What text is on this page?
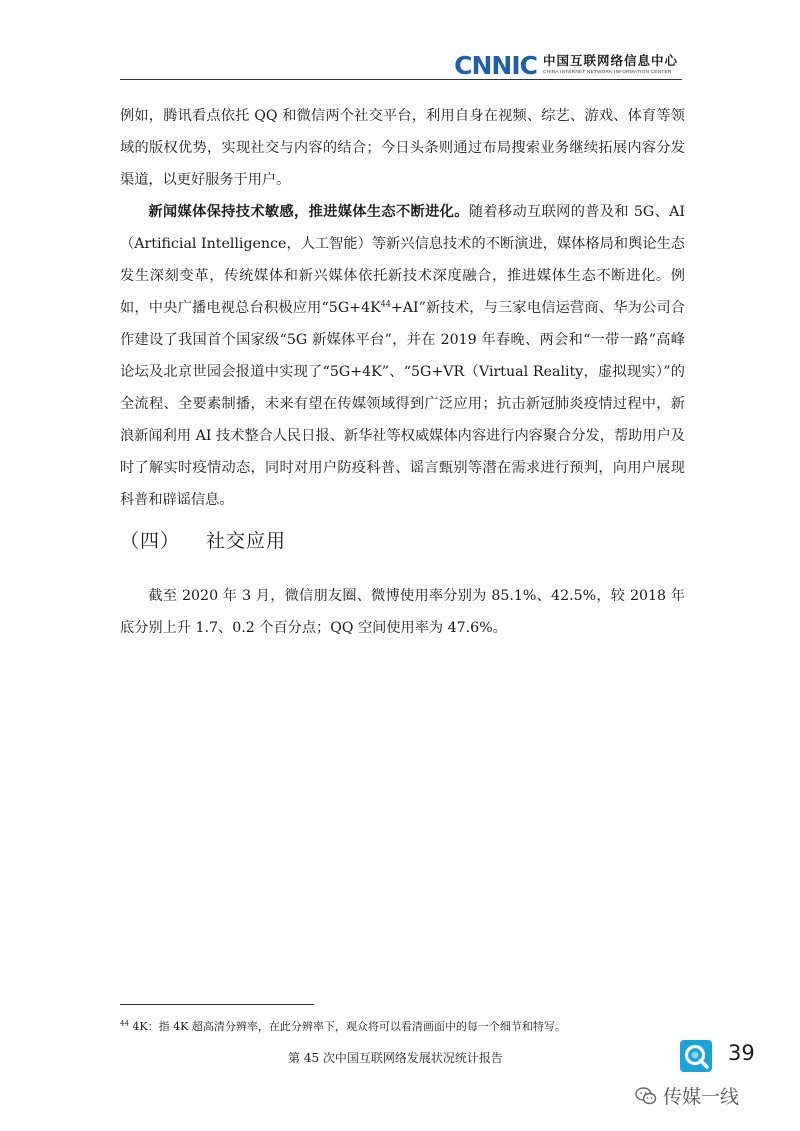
CNNIC 中国互联网络信息中心
CHINA INTERNET NETWORK INFORMATION CENTER

例如，腾讯看点依托 QQ 和微信两个社交平台，利用自身在视频、综艺、游戏、体育等领域的版权优势，实现社交与内容的结合；今日头条则通过布局搜索业务继续拓展内容分发渠道，以更好服务于用户。

新闻媒体保持技术敏感，推进媒体生态不断进化。随着移动互联网的普及和 5G、AI（Artificial Intelligence，人工智能）等新兴信息技术的不断演进，媒体格局和舆论生态发生深刻变革，传统媒体和新兴媒体依托新技术深度融合，推进媒体生态不断进化。例如，中央广播电视总台积极应用“$5G+4K^{44}+AI$”新技术，与三家电信运营商、华为公司合作建设了我国首个国家级“5G 新媒体平台”，并在 2019 年春晚、两会和“一带一路”高峰论坛及北京世园会报道中实现了“5G+4K”、“5G+VR（Virtual Reality，虚拟现实）”的全流程、全要素制播，未来有望在传媒领域得到广泛应用；抗击新冠肺炎疫情过程中，新浪新闻利用 AI 技术整合人民日报、新华社等权威媒体内容进行内容聚合分发，帮助用户及时了解实时疫情动态，同时对用户防疫科普、谣言甄别等潜在需求进行预判，向用户展现科普和辟谣信息。

（四） 社交应用

截至 2020 年 3 月，微信朋友圈、微博使用率分别为 85.1%、42.5%，较 2018 年底分别上升 1.7、0.2 个百分点；QQ 空间使用率为 47.6%。

$^{44}$ 4K：指 4K 超高清分辨率，在此分辨率下，观众将可以看清画面中的每一个细节和特写。
第 45 次中国互联网络发展状况统计报告	39
传媒一线
